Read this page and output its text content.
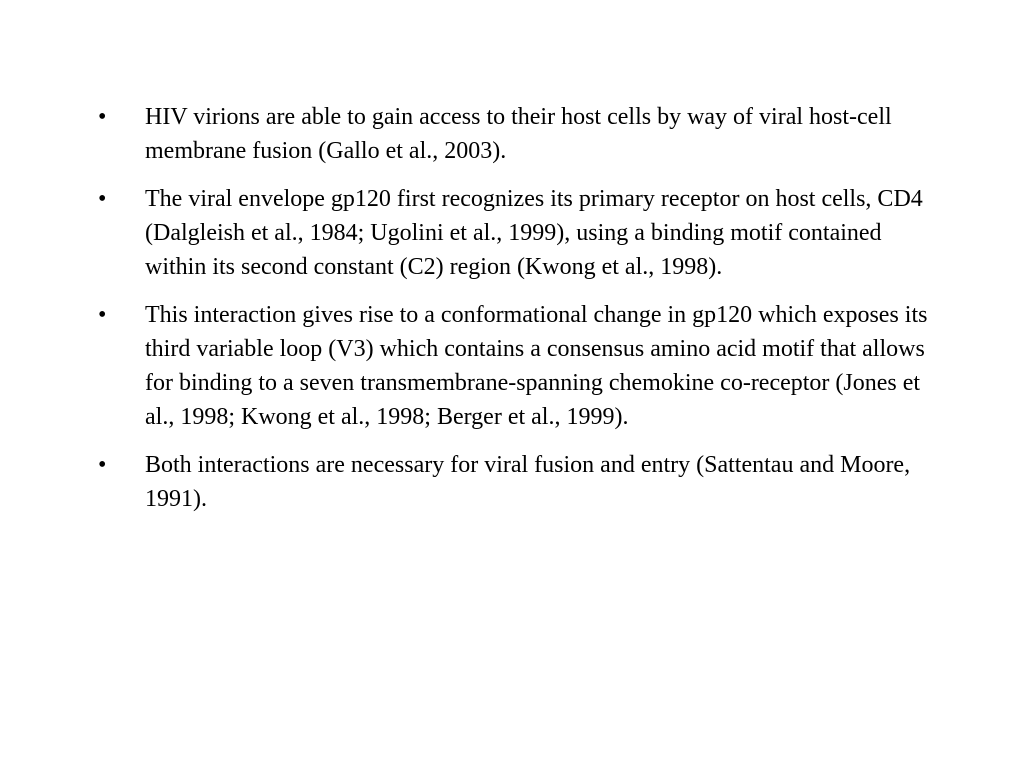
• HIV virions are able to gain access to their host cells by way of viral host-cell membrane fusion (Gallo et al., 2003).
• The viral envelope gp120 first recognizes its primary receptor on host cells, CD4 (Dalgleish et al., 1984; Ugolini et al., 1999), using a binding motif contained within its second constant (C2) region (Kwong et al., 1998).
• This interaction gives rise to a conformational change in gp120 which exposes its third variable loop (V3) which contains a consensus amino acid motif that allows for binding to a seven transmembrane-spanning chemokine co-receptor (Jones et al., 1998; Kwong et al., 1998; Berger et al., 1999).
• Both interactions are necessary for viral fusion and entry (Sattentau and Moore, 1991).
